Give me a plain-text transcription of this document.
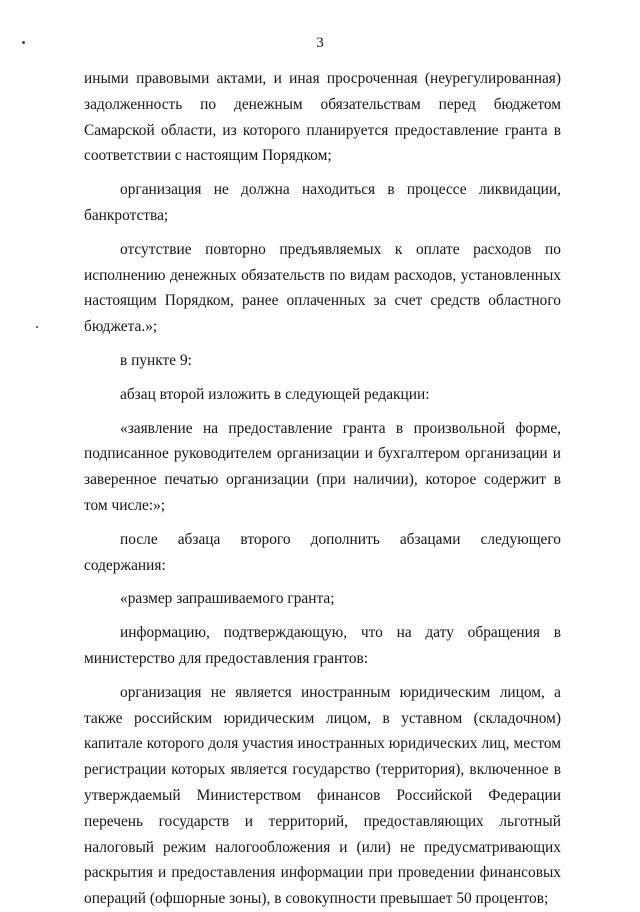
3

иными правовыми актами, и иная просроченная (неурегулированная) задолженность по денежным обязательствам перед бюджетом Самарской области, из которого планируется предоставление гранта в соответствии с настоящим Порядком;

организация не должна находиться в процессе ликвидации, банкротства;

отсутствие повторно предъявляемых к оплате расходов по исполнению денежных обязательств по видам расходов, установленных настоящим Порядком, ранее оплаченных за счет средств областного бюджета.»;

в пункте 9:

абзац второй изложить в следующей редакции:

«заявление на предоставление гранта в произвольной форме, подписанное руководителем организации и бухгалтером организации и заверенное печатью организации (при наличии), которое содержит в том числе:»;

после абзаца второго дополнить абзацами следующего содержания:

«размер запрашиваемого гранта;

информацию, подтверждающую, что на дату обращения в министерство для предоставления грантов:

организация не является иностранным юридическим лицом, а также российским юридическим лицом, в уставном (складочном) капитале которого доля участия иностранных юридических лиц, местом регистрации которых является государство (территория), включенное в утверждаемый Министерством финансов Российской Федерации перечень государств и территорий, предоставляющих льготный налоговый режим налогообложения и (или) не предусматривающих раскрытия и предоставления информации при проведении финансовых операций (офшорные зоны), в совокупности превышает 50 процентов;
